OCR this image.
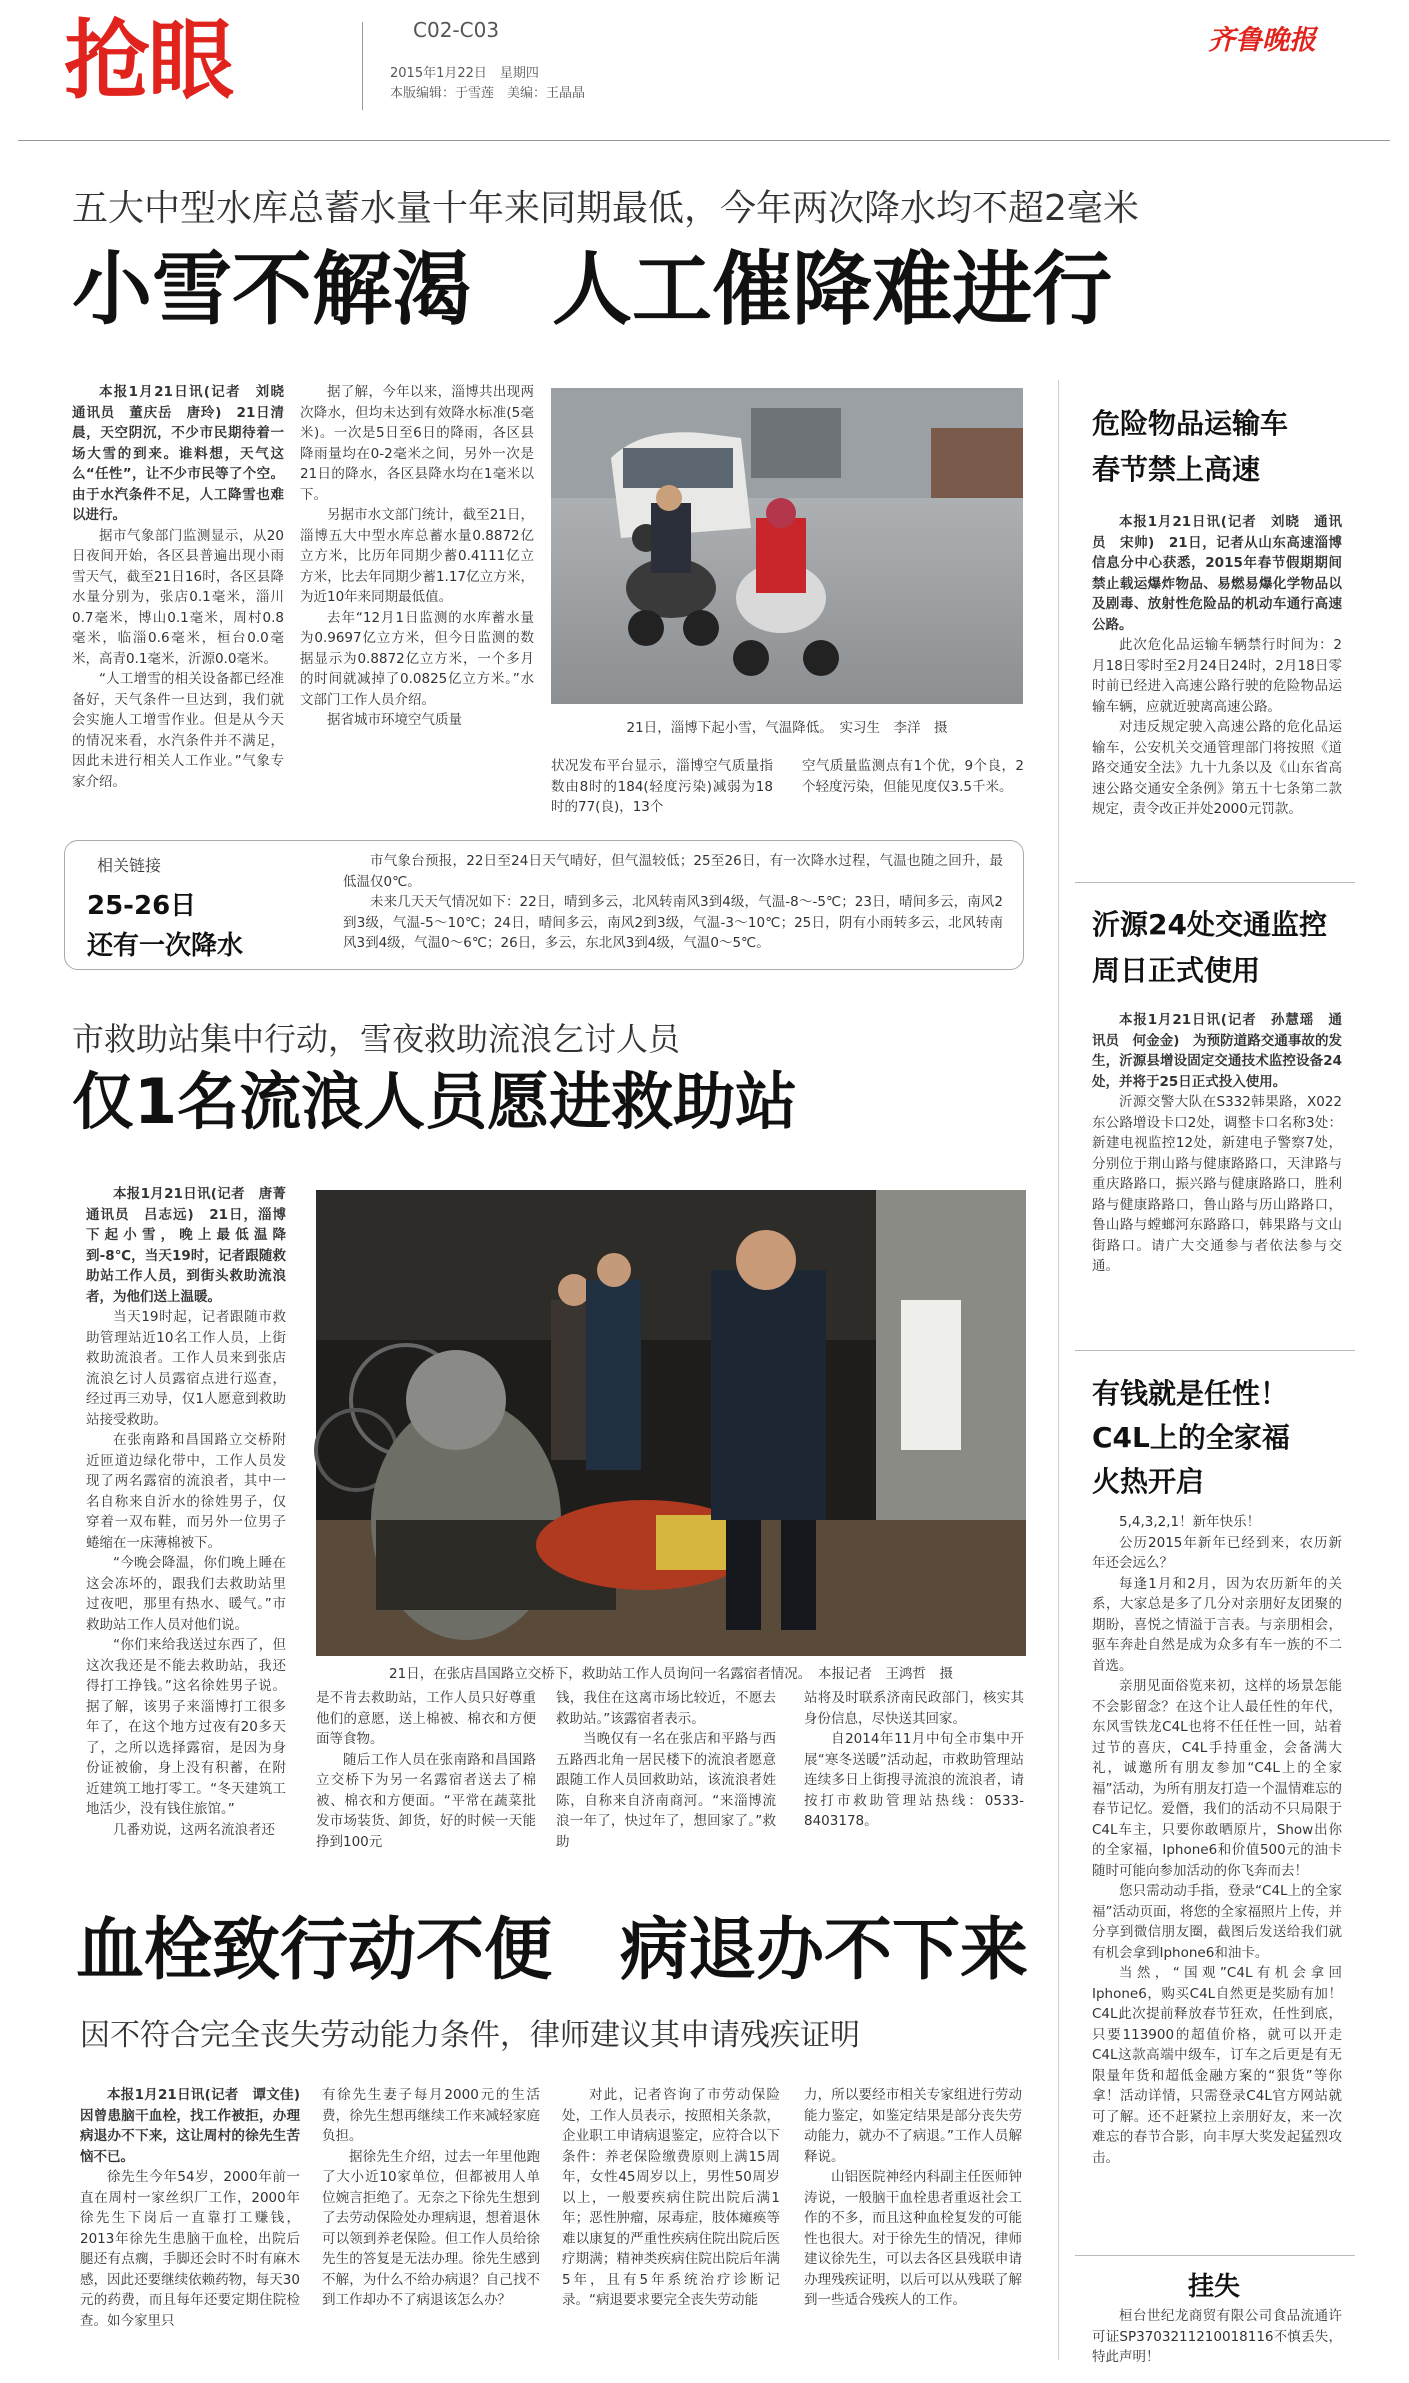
抢眼	C02-C03
2015年1月22日　星期四
本版编辑：于雪莲　美编：王晶晶
齐鲁晚报
五大中型水库总蓄水量十年来同期最低，今年两次降水均不超2毫米
小雪不解渴　人工催降难进行

本报1月21日讯(记者　刘晓　通讯员　董庆岳　唐玲)　21日清晨，天空阴沉，不少市民期待着一场大雪的到来。谁料想，天气这么“任性”，让不少市民等了个空。由于水汽条件不足，人工降雪也难以进行。

据市气象部门监测显示，从20日夜间开始，各区县普遍出现小雨雪天气，截至21日16时，各区县降水量分别为，张店0.1毫米，淄川0.7毫米，博山0.1毫米，周村0.8毫米，临淄0.6毫米，桓台0.0毫米，高青0.1毫米，沂源0.0毫米。

“人工增雪的相关设备都已经准备好，天气条件一旦达到，我们就会实施人工增雪作业。但是从今天的情况来看，水汽条件并不满足，因此未进行相关人工作业。”气象专家介绍。

据了解，今年以来，淄博共出现两次降水，但均未达到有效降水标准(5毫米)。一次是5日至6日的降雨，各区县降雨量均在0-2毫米之间，另外一次是21日的降水，各区县降水均在1毫米以下。

另据市水文部门统计，截至21日，淄博五大中型水库总蓄水量0.8872亿立方米，比历年同期少蓄0.4111亿立方米，比去年同期少蓄1.17亿立方米，为近10年来同期最低值。

去年“12月1日监测的水库蓄水量为0.9697亿立方米，但今日监测的数据显示为0.8872亿立方米，一个多月的时间就减掉了0.0825亿立方米。”水文部门工作人员介绍。

据省城市环境空气质量	21日，淄博下起小雪，气温降低。　实习生　李洋　摄

状况发布平台显示，淄博空气质量指数由8时的184(轻度污染)减弱为18时的77(良)，13个

空气质量监测点有1个优，9个良，2个轻度污染，但能见度仅3.5千米。

相关链接
25-26日
还有一次降水

市气象台预报，22日至24日天气晴好，但气温较低；25至26日，有一次降水过程，气温也随之回升，最低温仅0℃。

未来几天天气情况如下：22日，晴到多云，北风转南风3到4级，气温-8～-5℃；23日，晴间多云，南风2到3级，气温-5～10℃；24日，晴间多云，南风2到3级，气温-3～10℃；25日，阴有小雨转多云，北风转南风3到4级，气温0～6℃；26日，多云，东北风3到4级，气温0～5℃。

市救助站集中行动，雪夜救助流浪乞讨人员
仅1名流浪人员愿进救助站

本报1月21日讯(记者　唐菁　通讯员　吕志远)　21日，淄博下起小雪，晚上最低温降到-8℃，当天19时，记者跟随救助站工作人员，到街头救助流浪者，为他们送上温暖。

当天19时起，记者跟随市救助管理站近10名工作人员，上街救助流浪者。工作人员来到张店流浪乞讨人员露宿点进行巡查，经过再三劝导，仅1人愿意到救助站接受救助。

在张南路和昌国路立交桥附近匝道边绿化带中，工作人员发现了两名露宿的流浪者，其中一名自称来自沂水的徐姓男子，仅穿着一双布鞋，而另外一位男子蜷缩在一床薄棉被下。

“今晚会降温，你们晚上睡在这会冻坏的，跟我们去救助站里过夜吧，那里有热水、暖气。”市救助站工作人员对他们说。

“你们来给我送过东西了，但这次我还是不能去救助站，我还得打工挣钱。”这名徐姓男子说。据了解，该男子来淄博打工很多年了，在这个地方过夜有20多天了，之所以选择露宿，是因为身份证被偷，身上没有积蓄，在附近建筑工地打零工。“冬天建筑工地活少，没有钱住旅馆。”

几番劝说，这两名流浪者还

21日，在张店昌国路立交桥下，救助站工作人员询问一名露宿者情况。　本报记者　王鸿哲　摄

是不肯去救助站，工作人员只好尊重他们的意愿，送上棉被、棉衣和方便面等食物。

随后工作人员在张南路和昌国路立交桥下为另一名露宿者送去了棉被、棉衣和方便面。“平常在蔬菜批发市场装货、卸货，好的时候一天能挣到100元

钱，我住在这离市场比较近，不愿去救助站。”该露宿者表示。

当晚仅有一名在张店和平路与西五路西北角一居民楼下的流浪者愿意跟随工作人员回救助站，该流浪者姓陈，自称来自济南商河。“来淄博流浪一年了，快过年了，想回家了。”救助

站将及时联系济南民政部门，核实其身份信息，尽快送其回家。

自2014年11月中旬全市集中开展“寒冬送暖”活动起，市救助管理站连续多日上街搜寻流浪的流浪者，请按打市救助管理站热线：0533-8403178。

血栓致行动不便　病退办不下来
因不符合完全丧失劳动能力条件，律师建议其申请残疾证明

本报1月21日讯(记者　谭文佳)　因曾患脑干血栓，找工作被拒，办理病退办不下来，这让周村的徐先生苦恼不已。

徐先生今年54岁，2000年前一直在周村一家丝织厂工作，2000年徐先生下岗后一直靠打工赚钱，2013年徐先生患脑干血栓，出院后腿还有点瘸，手脚还会时不时有麻木感，因此还要继续依赖药物，每天30元的药费，而且每年还要定期住院检查。如今家里只

有徐先生妻子每月2000元的生活费，徐先生想再继续工作来减轻家庭负担。

据徐先生介绍，过去一年里他跑了大小近10家单位，但都被用人单位婉言拒绝了。无奈之下徐先生想到了去劳动保险处办理病退，想着退休可以领到养老保险。但工作人员给徐先生的答复是无法办理。徐先生感到不解，为什么不给办病退？自己找不到工作却办不了病退该怎么办？

对此，记者咨询了市劳动保险处，工作人员表示，按照相关条款，企业职工申请病退鉴定，应符合以下条件：养老保险缴费原则上满15周年，女性45周岁以上，男性50周岁以上，一般要疾病住院出院后满1年；恶性肿瘤，尿毒症，肢体瘫痪等难以康复的严重性疾病住院出院后医疗期满；精神类疾病住院出院后年满5年，且有5年系统治疗诊断记录。“病退要求要完全丧失劳动能

力，所以要经市相关专家组进行劳动能力鉴定，如鉴定结果是部分丧失劳动能力，就办不了病退。”工作人员解释说。

山铝医院神经内科副主任医师钟涛说，一般脑干血栓患者重返社会工作的不多，而且这种血栓复发的可能性也很大。对于徐先生的情况，律师建议徐先生，可以去各区县残联申请办理残疾证明，以后可以从残联了解到一些适合残疾人的工作。

危险物品运输车
春节禁上高速

本报1月21日讯(记者　刘晓　通讯员　宋帅)　21日，记者从山东高速淄博信息分中心获悉，2015年春节假期期间禁止载运爆炸物品、易燃易爆化学物品以及剧毒、放射性危险品的机动车通行高速公路。

此次危化品运输车辆禁行时间为：2月18日零时至2月24日24时，2月18日零时前已经进入高速公路行驶的危险物品运输车辆，应就近驶离高速公路。

对违反规定驶入高速公路的危化品运输车，公安机关交通管理部门将按照《道路交通安全法》九十九条以及《山东省高速公路交通安全条例》第五十七条第二款规定，责令改正并处2000元罚款。

沂源24处交通监控
周日正式使用

本报1月21日讯(记者　孙慧瑶　通讯员　何金金)　为预防道路交通事故的发生，沂源县增设固定交通技术监控设备24处，并将于25日正式投入使用。

沂源交警大队在S332韩果路，X022东公路增设卡口2处，调整卡口名称3处：新建电视监控12处，新建电子警察7处，分别位于荆山路与健康路路口，天津路与重庆路路口，振兴路与健康路路口，胜利路与健康路路口，鲁山路与历山路路口，鲁山路与螳螂河东路路口，韩果路与文山街路口。请广大交通参与者依法参与交通。

有钱就是任性！
C4L上的全家福
火热开启

5,4,3,2,1！新年快乐！

公历2015年新年已经到来，农历新年还会远么？

每逢1月和2月，因为农历新年的关系，大家总是多了几分对亲朋好友团聚的期盼，喜悦之情溢于言表。与亲朋相会，驱车奔赴自然是成为众多有车一族的不二首选。

亲朋见面俗览来初，这样的场景怎能不会影留念？在这个让人最任性的年代，东风雪铁龙C4L也将不任任性一回，站着过节的喜庆，C4L手持重金，会备满大礼，诚邀所有朋友参加“C4L上的全家福”活动，为所有朋友打造一个温情难忘的春节记忆。爱僭，我们的活动不只局限于C4L车主，只要你敢晒原片，Show出你的全家福，Iphone6和价值500元的油卡随时可能向参加活动的你飞奔而去！

您只需动动手指，登录“C4L上的全家福”活动页面，将您的全家福照片上传，并分享到微信朋友圈，截图后发送给我们就有机会拿到Iphone6和油卡。

当然，“国观”C4L有机会拿回Iphone6，购买C4L自然更是奖励有加！C4L此次提前释放春节狂欢，任性到底，只要113900的超值价格，就可以开走C4L这款高端中级车，订车之后更是有无限量年货和超低金融方案的“狠货”等你拿！活动详情，只需登录C4L官方网站就可了解。还不赶紧拉上亲朋好友，来一次难忘的春节合影，向丰厚大奖发起猛烈攻击。

挂失

桓台世纪龙商贸有限公司食品流通许可证SP3703211210018116不慎丢失，特此声明！
